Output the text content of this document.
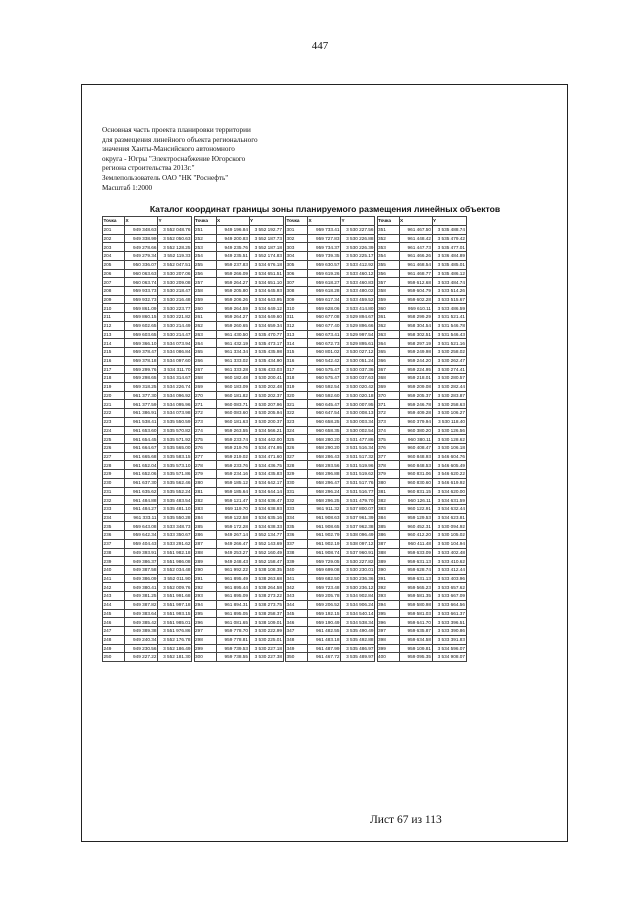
447
Основная часть проекта планировки территории
для размещения линейного объекта регионального
значения Ханты-Мансийского автономного
округа - Югры "Электроснабжение Югорского
региона строительства 2013г."
Землепользователь ОАО "НК "Роснефть"
Масштаб 1:2000
Каталог координат границы зоны планируемого размещения линейных объектов
Точка	X	Y		Точка	X	Y		Точка	X	Y		Точка	X	Y
201	949 348.63	3 552 048.76		251	949 196.84	3 552 192.77		301	959 733.41	3 530 227.56		351	961 467.50	3 535 488.74
202	949 338.99	3 552 050.63		252	949 200.83	3 552 187.73		302	959 727.83	3 530 226.88		352	961 448.42	3 535 479.42
203	949 278.66	3 552 128.25		253	949 235.76	3 552 187.18		303	959 734.37	3 530 226.39		353	961 447.73	3 535 477.01
204	949 279.34	3 552 119.33		254	949 235.51	3 552 174.83		304	959 739.35	3 530 225.17		354	961 466.26	3 536 484.89
205	950 336.07	3 552 047.51		255	959 237.83	3 534 676.18		305	959 630.57	3 533 412.92		355	961 468.54	3 535 485.01
206	960 063.63	3 530 207.06		256	959 266.09	3 534 651.51		306	959 619.26	3 533 460.12		356	961 468.77	3 535 486.12
207	960 063.74	3 530 209.08		257	959 264.27	3 534 651.10		307	959 618.27	3 533 460.83		357	959 612.68	3 533 484.74
208	959 933.73	3 530 218.47		258	959 205.80	3 534 645.93		308	959 618.28	3 533 480.02		358	959 604.79	3 533 514.26
209	959 932.73	3 530 216.48		259	959 206.26	3 534 643.95		309	959 617.34	3 533 459.52		359	959 602.28	3 533 515.67
210	959 861.09	3 530 223.77		260	959 264.59	3 534 649.12		310	959 628.06	3 533 414.80		360	959 610.11	3 533 486.59
211	959 860.15	3 530 221.82		261	959 264.27	3 534 649.60		311	960 677.08	3 529 894.67		361	958 299.29	3 531 521.41
212	959 602.65	3 530 214.49		262	959 260.65	3 534 659.34		312	960 677.40	3 529 896.66		362	958 304.54	3 531 546.78
213	959 603.65	3 530 214.47		263	961 430.50	3 535 470.77		313	960 673.41	3 529 997.54		363	958 302.51	3 531 546.43
214	959 366.10	3 534 073.94		264	961 432.19	3 535 473.17		314	960 672.73	3 529 895.61		364	958 297.19	3 531 521.16
215	959 378.47	3 534 086.84		265	961 334.34	3 535 435.98		315	960 801.02	3 530 027.12		365	959 249.98	3 530 258.02
216	959 378.18	3 534 097.60		266	961 333.02	3 535 434.90		316	960 542.42	3 530 051.24		366	959 244.20	3 530 262.47
217	959 299.76	3 534 311.70		267	961 333.28	3 536 433.03		317	960 575.47	3 530 037.36		367	959 224.95	3 530 274.41
218	959 298.65	3 534 314.67		268	960 182.48	3 530 200.41		318	960 575.47	3 530 037.63		368	959 218.01	3 530 280.57
219	959 318.25	3 534 226.74		269	960 183.09	3 530 202.48		319	960 592.54	3 530 020.42		369	959 209.08	3 530 282.44
220	961 377.30	3 534 096.92		270	960 181.82	3 530 202.37		320	960 592.60	3 530 020.18		370	959 205.37	3 530 283.87
221	961 377.59	3 534 095.96		271	960 083.71	3 530 207.96		321	960 645.47	3 530 007.95		371	959 246.78	3 530 258.63
222	961 386.91	3 534 073.98		272	960 083.60	3 530 205.94		322	960 647.54	3 530 008.13		372	959 409.28	3 530 106.27
223	961 538.41	3 535 550.59		273	960 181.63	3 530 200.37		323	960 658.25	3 530 003.34		373	960 379.94	3 530 118.40
224	961 653.60	3 535 570.82		274	959 263.55	3 534 566.21		324	960 658.35	3 530 002.54		374	960 380.20	3 530 126.56
225	961 654.45	3 535 571.92		275	959 233.74	3 534 442.00		325	958 280.20	3 531 477.86		375	960 380.11	3 530 128.62
226	961 664.67	3 535 565.00		276	959 219.76	3 534 474.95		326	958 290.20	3 531 516.34		376	960 408.47	3 530 106.18
227	961 665.68	3 535 583.15		277	959 219.02	3 534 471.60		327	958 286.43	3 531 517.32		377	960 848.93	3 546 604.76
228	961 652.04	3 535 573.10		278	959 233.76	3 534 436.75		328	958 293.56	3 531 519.96		378	960 848.53	3 546 605.49
229	961 652.06	3 535 571.86		279	959 234.16	3 534 435.83		329	958 296.88	3 531 519.62		379	960 831.06	3 546 620.22
230	961 637.30	3 535 562.46		280	959 185.12	3 534 642.17		330	958 296.47	3 531 517.76		380	960 830.60	3 546 619.92
231	961 635.62	3 535 552.24		281	959 185.64	3 534 644.14		331	958 296.24	3 531 516.77		381	960 831.15	3 534 620.00
232	961 484.88	3 535 483.54		282	959 121.47	3 534 636.47		332	958 296.25	3 531 479.70		382	960 126.11	3 534 631.59
233	961 484.27	3 535 481.10		283	959 119.70	3 534 638.93		333	961 911.32	3 537 800.07		383	960 122.91	3 534 632.44
234	961 333.11	3 535 550.28		284	959 122.58	3 534 635.16		334	961 908.63	3 537 961.39		384	959 129.53	3 534 623.81
235	959 643.08	3 533 348.73		285	959 172.28	3 534 638.33		335	961 908.65	3 537 962.38		385	960 452.31	3 530 094.92
236	959 642.34	3 533 350.67		286	949 267.14	3 552 134.77		336	961 902.79	3 538 096.49		386	960 412.20	3 530 105.02
237	959 404.43	3 533 291.62		287	949 266.47	3 552 143.69		337	961 902.19	3 538 097.12		387	960 411.48	3 530 104.94
238	949 393.91	3 551 982.18		288	949 253.27	3 552 160.49		338	961 908.74	3 537 960.91		388	959 633.09	3 533 402.48
239	949 386.37	3 551 986.08		289	949 248.43	3 552 158.47		339	959 729.05	3 530 227.82		389	959 631.13	3 533 410.62
240	949 387.58	3 552 034.48		290	961 992.22	3 538 108.35		340	959 699.08	3 530 230.01		390	959 628.74	3 533 412.44
241	949 386.09	3 552 011.90		291	961 895.49	3 538 263.68		341	959 682.50	3 530 236.36		391	959 631.13	3 533 403.96
242	949 380.41	3 552 009.76		292	961 895.44	3 538 264.58		342	959 723.48	3 530 236.12		392	959 565.23	3 533 657.62
243	949 381.25	3 551 991.68		293	961 895.09	3 538 273.22		343	959 205.78	3 534 902.84		393	959 581.35	3 533 667.09
244	949 387.82	3 551 997.18		294	961 894.31	3 538 273.75		344	959 206.52	3 534 906.24		394	959 580.98	3 533 664.56
245	949 383.64	3 551 993.15		295	961 895.05	3 538 258.37		345	959 192.15	3 534 540.14		395	959 581.03	3 533 661.37
246	949 385.42	3 551 985.01		296	961 081.65	3 538 109.01		346	959 190.49	3 534 538.34		396	959 641.70	3 533 396.51
247	949 389.38	3 551 976.86		297	959 778.70	3 530 222.99		347	961 482.55	3 535 490.49		397	959 635.87	3 533 390.86
248	949 240.34	3 552 176.78		298	959 778.81	3 530 225.01		348	961 483.18	3 535 492.88		398	959 634.58	3 533 391.83
249	949 230.56	3 552 186.49		299	959 739.53	3 530 227.18		349	961 487.99	3 535 486.97		399	959 109.81	3 534 596.07
250	949 227.22	3 552 181.30		300	959 738.55	3 530 227.38		350	961 467.72	3 535 489.97		400	959 095.35	3 534 908.07
Лист 67 из 113
